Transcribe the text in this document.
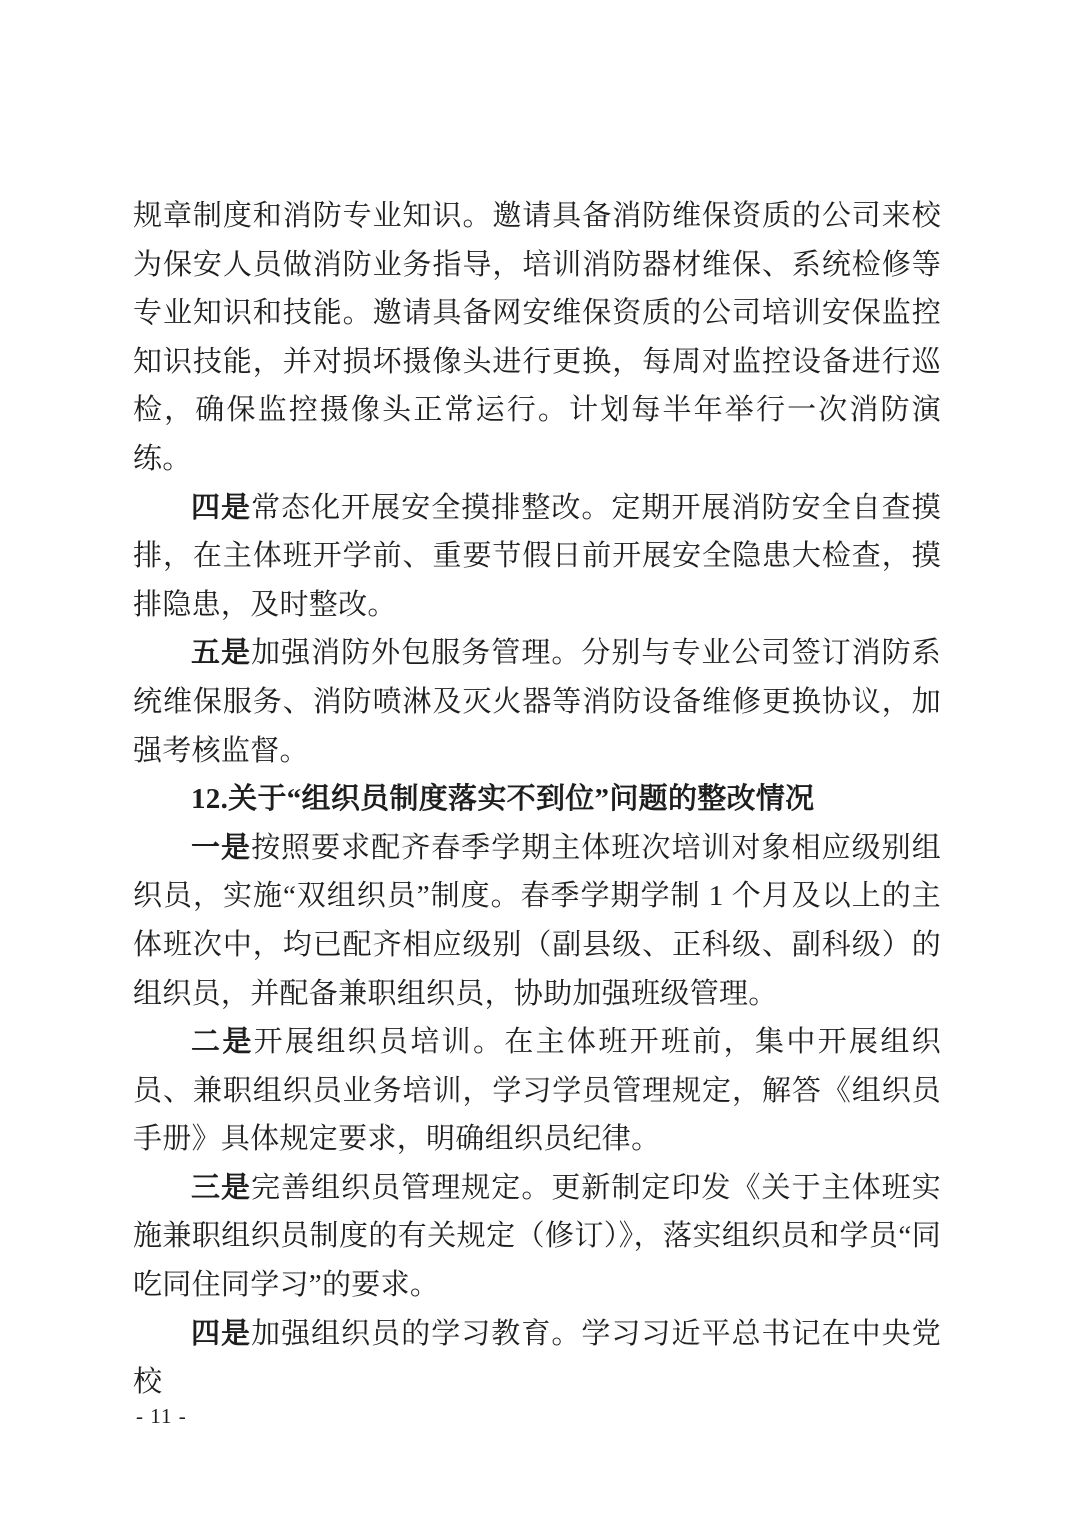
规章制度和消防专业知识。邀请具备消防维保资质的公司来校为保安人员做消防业务指导，培训消防器材维保、系统检修等专业知识和技能。邀请具备网安维保资质的公司培训安保监控知识技能，并对损坏摄像头进行更换，每周对监控设备进行巡检，确保监控摄像头正常运行。计划每半年举行一次消防演练。

四是常态化开展安全摸排整改。定期开展消防安全自查摸排，在主体班开学前、重要节假日前开展安全隐患大检查，摸排隐患，及时整改。

五是加强消防外包服务管理。分别与专业公司签订消防系统维保服务、消防喷淋及灭火器等消防设备维修更换协议，加强考核监督。

12.关于“组织员制度落实不到位”问题的整改情况

一是按照要求配齐春季学期主体班次培训对象相应级别组织员，实施“双组织员”制度。春季学期学制 1 个月及以上的主体班次中，均已配齐相应级别（副县级、正科级、副科级）的组织员，并配备兼职组织员，协助加强班级管理。

二是开展组织员培训。在主体班开班前，集中开展组织员、兼职组织员业务培训，学习学员管理规定，解答《组织员手册》具体规定要求，明确组织员纪律。

三是完善组织员管理规定。更新制定印发《关于主体班实施兼职组织员制度的有关规定（修订）》，落实组织员和学员“同吃同住同学习”的要求。

四是加强组织员的学习教育。学习习近平总书记在中央党校

- 11 -
